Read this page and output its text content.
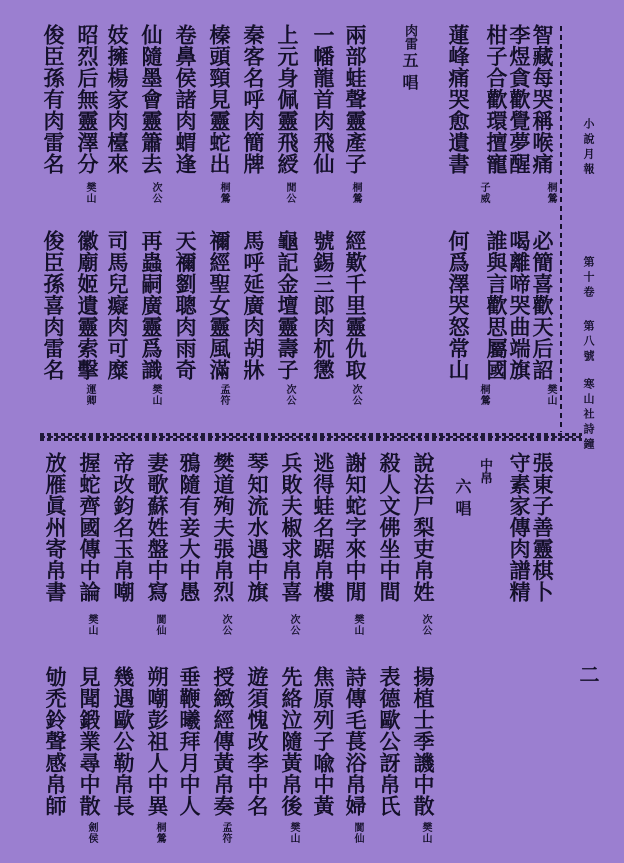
小說月報
第十卷
第八號
寒山社詩鐘
二
智藏每哭稱喉痛
李煜貪歡覺夢醒
柑子合歡環擅寵
蓮峰痛哭愈遺書
桐鶯
子威
肉雷
五唱
兩部蛙聲靈產子
一幡龍首肉飛仙
上元身佩靈飛綬
秦客名呼肉簡牌
榛頭頸見靈蛇出
卷鼻侯諸肉蝟逢
仙隨墨會靈簫去
妓擁楊家肉檯來
昭烈后無靈澤分
俊臣孫有肉雷名
桐鶯
閒公
桐鶯
次公
樊山
必簡喜歡天后詔
喝離啼哭曲端旗
誰與言歡思屬國
何爲澤哭怒常山
樊山
桐鶯
經歎千里靈仇取
號錫三郎肉杌懲
龜記金壇靈壽子
馬呼延廣肉胡牀
禰經聖女靈風滿
天禰劉聰肉雨奇
再蟲嗣廣靈爲識
司馬兒癡肉可糜
徽廟姬遺靈索擊
俊臣孫喜肉雷名
次公
次公
孟符
樊山
運卿
張東子善靈棋卜
守素家傳肉譜精
中帛
六唱
說法尸梨吏帛姓
殺人文佛坐中間
謝知蛇字來中閒
逃得蛙名踞帛樓
兵敗夫椒求帛喜
琴知流水遇中旗
樊道殉夫張帛烈
鴉隨有妾大中愚
妻歌蘇姓盤中寫
帝改鈞名玉帛嘲
握蛇齊國傳中論
放雁眞州寄帛書
次公
樊山
次公
次公
閬仙
樊山
揚植士季譏中散
表德歐公訝帛氏
詩傳毛萇浴帛婦
焦原列子喩中黃
先絡泣隨黃帛後
遊須愧改李中名
授緻經傳黃帛奏
垂鞭曦拜月中人
朔嘲彭祖人中異
幾遇歐公勒帛長
見聞鍛業尋中散
劬禿鈴聲感帛師
樊山
閬仙
樊山
孟符
桐鶯
劍侯
